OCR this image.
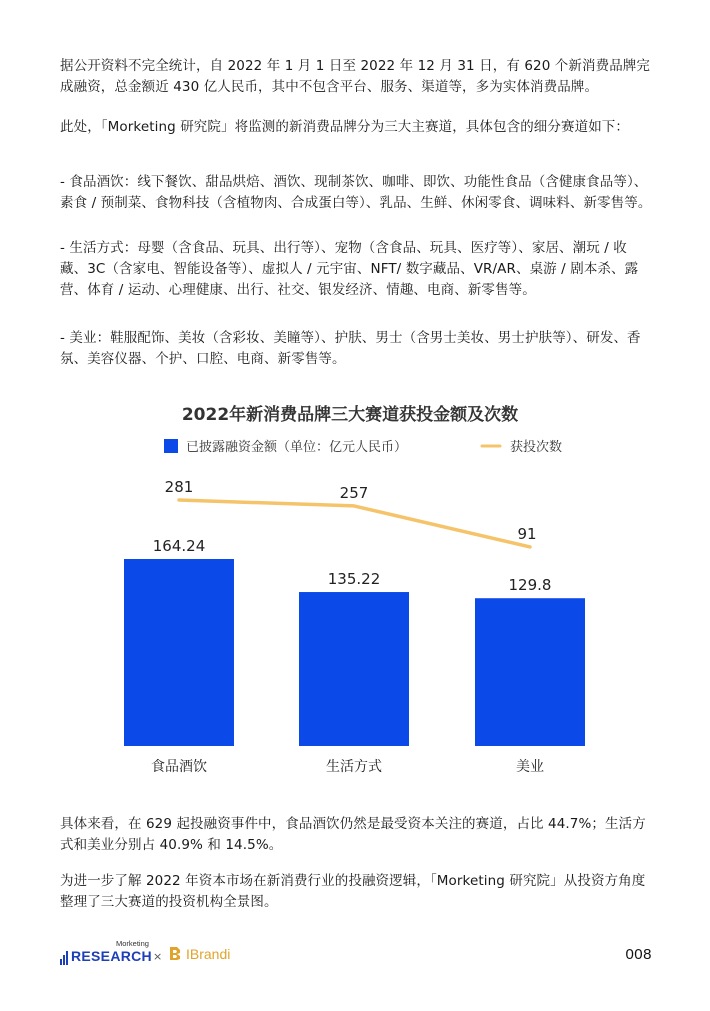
据公开资料不完全统计，自 2022 年 1 月 1 日至 2022 年 12 月 31 日，有 620 个新消费品牌完成融资，总金额近 430 亿人民币，其中不包含平台、服务、渠道等，多为实体消费品牌。

此处，「Morketing 研究院」将监测的新消费品牌分为三大主赛道，具体包含的细分赛道如下：

- 食品酒饮：线下餐饮、甜品烘焙、酒饮、现制茶饮、咖啡、即饮、功能性食品（含健康食品等）、素食 / 预制菜、食物科技（含植物肉、合成蛋白等）、乳品、生鲜、休闲零食、调味料、新零售等。

- 生活方式：母婴（含食品、玩具、出行等）、宠物（含食品、玩具、医疗等）、家居、潮玩 / 收藏、3C（含家电、智能设备等）、虚拟人 / 元宇宙、NFT/ 数字藏品、VR/AR、桌游 / 剧本杀、露营、体育 / 运动、心理健康、出行、社交、银发经济、情趣、电商、新零售等。

- 美业：鞋服配饰、美妆（含彩妆、美瞳等）、护肤、男士（含男士美妆、男士护肤等）、研发、香氛、美容仪器、个护、口腔、电商、新零售等。

2022年新消费品牌三大赛道获投金额及次数
已披露融资金额（单位：亿元人民币）	获投次数
164.24
135.22	129.8
281	257
91
食品酒饮	生活方式	美业

具体来看，在 629 起投融资事件中，食品酒饮仍然是最受资本关注的赛道，占比 44.7%；生活方式和美业分别占 40.9% 和 14.5%。

为进一步了解 2022 年资本市场在新消费行业的投融资逻辑，「Morketing 研究院」从投资方角度整理了三大赛道的投资机构全景图。

Morketing
RESEARCH ×	IBrandi	008
